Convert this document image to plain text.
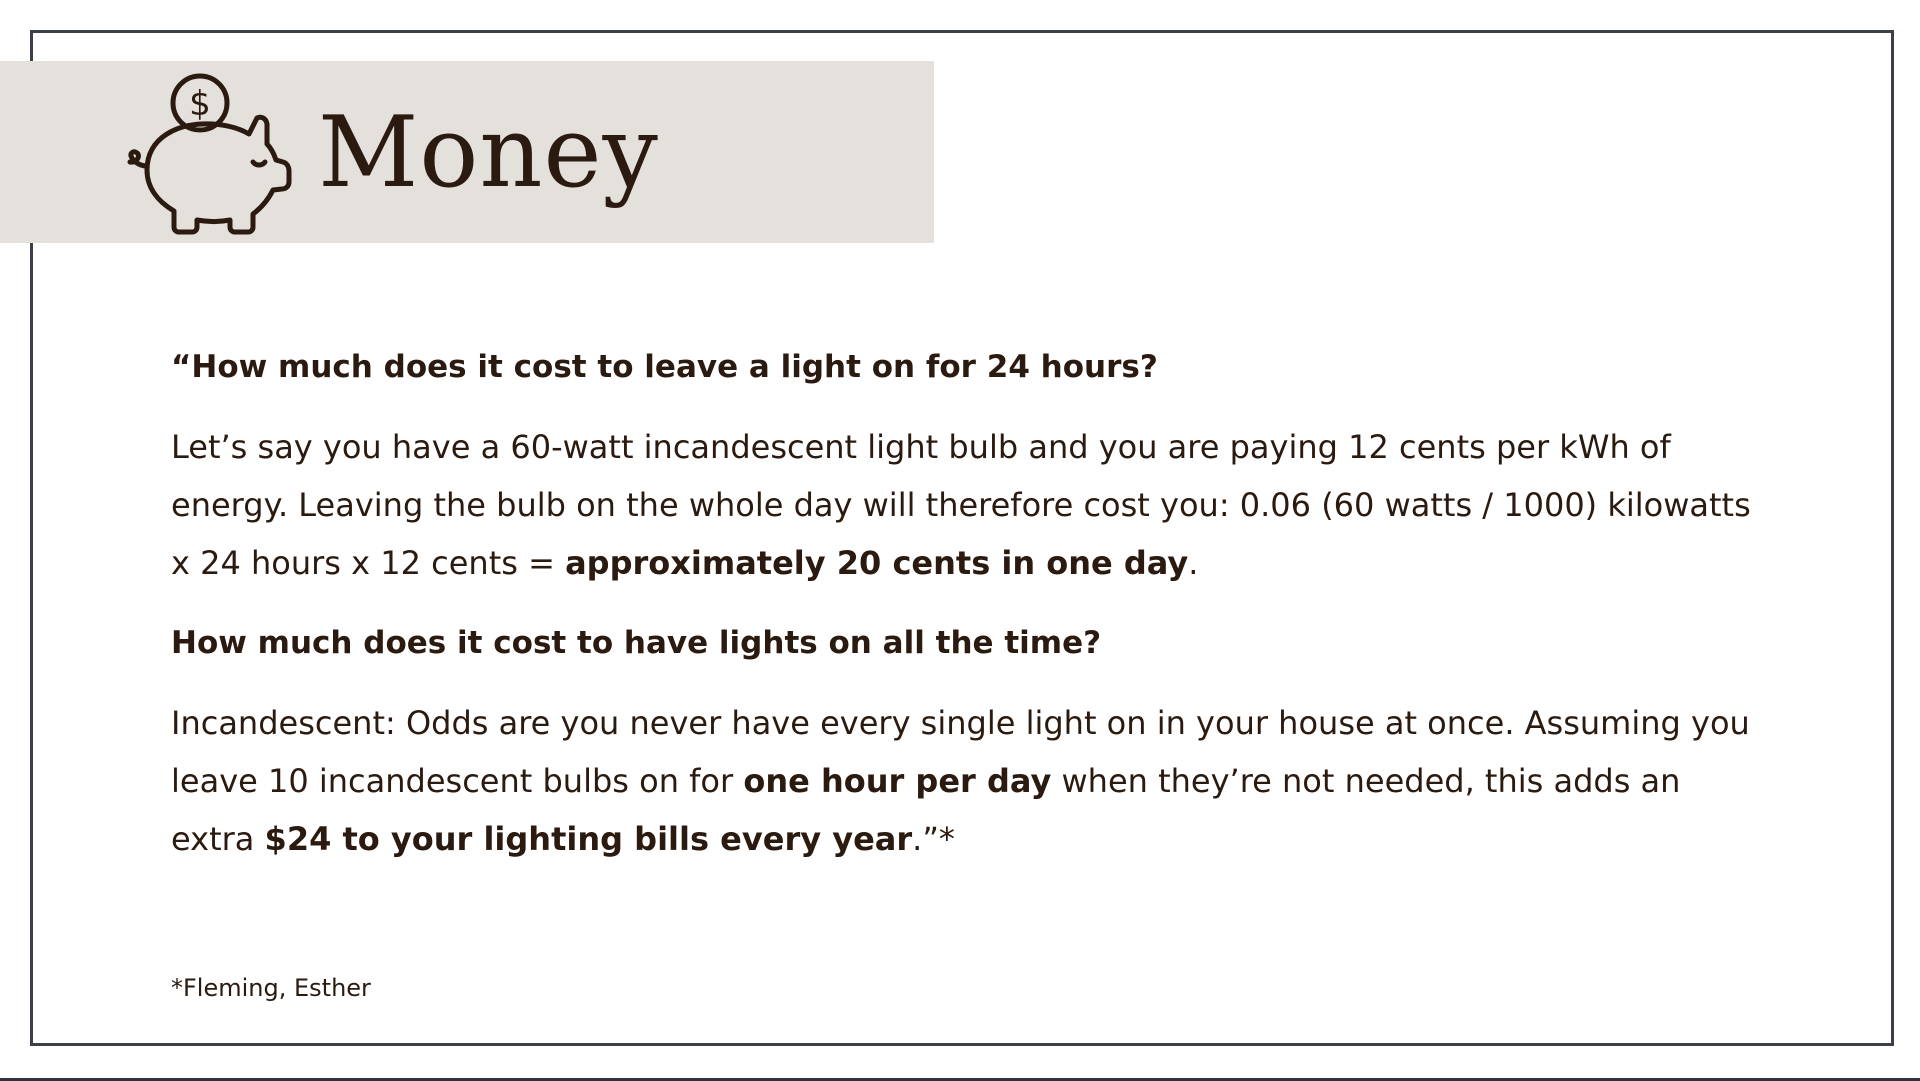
$ Money

“How much does it cost to leave a light on for 24 hours?

Let’s say you have a 60-watt incandescent light bulb and you are paying 12 cents per kWh of energy. Leaving the bulb on the whole day will therefore cost you: 0.06 (60 watts / 1000) kilowatts x 24 hours x 12 cents = approximately 20 cents in one day.

How much does it cost to have lights on all the time?

Incandescent: Odds are you never have every single light on in your house at once. Assuming you leave 10 incandescent bulbs on for one hour per day when they’re not needed, this adds an extra $24 to your lighting bills every year.”*

*Fleming, Esther
